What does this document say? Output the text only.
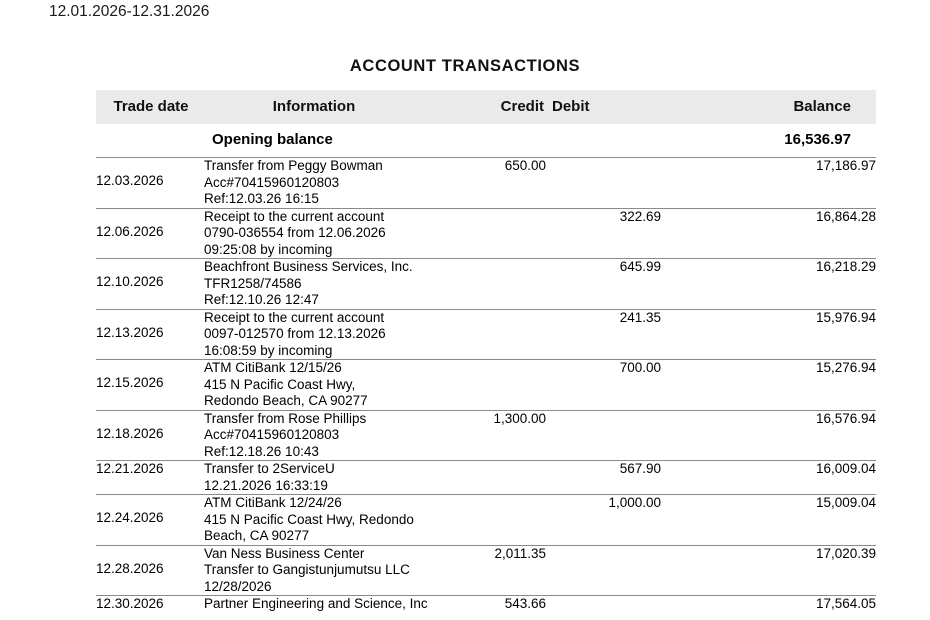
12.01.2026-12.31.2026
ACCOUNT TRANSACTIONS
Trade date	Information	Credit	Debit	Balance
	Opening balance			16,536.97
12.03.2026	Transfer from Peggy Bowman
Acc#70415960120803
Ref:12.03.26 16:15	650.00		17,186.97
12.06.2026	Receipt to the current account
0790-036554 from 12.06.2026
09:25:08 by incoming		322.69	16,864.28
12.10.2026	Beachfront Business Services, Inc.
TFR1258/74586
Ref:12.10.26 12:47		645.99	16,218.29
12.13.2026	Receipt to the current account
0097-012570 from 12.13.2026
16:08:59 by incoming		241.35	15,976.94
12.15.2026	ATM CitiBank 12/15/26
415 N Pacific Coast Hwy,
Redondo Beach, CA 90277		700.00	15,276.94
12.18.2026	Transfer from Rose Phillips
Acc#70415960120803
Ref:12.18.26 10:43	1,300.00		16,576.94
12.21.2026	Transfer to 2ServiceU
12.21.2026 16:33:19		567.90	16,009.04
12.24.2026	ATM CitiBank 12/24/26
415 N Pacific Coast Hwy, Redondo
Beach, CA 90277		1,000.00	15,009.04
12.28.2026	Van Ness Business Center
Transfer to Gangistunjumutsu LLC
12/28/2026	2,011.35		17,020.39
12.30.2026	Partner Engineering and Science, Inc	543.66		17,564.05
